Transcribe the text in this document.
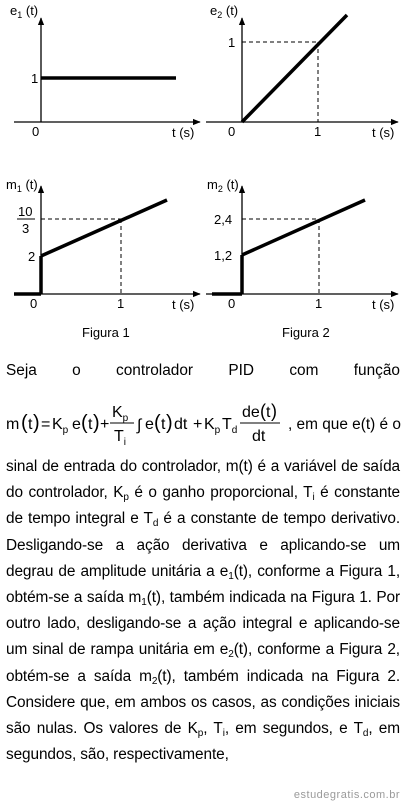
$e_1$ (t)
1
0	t (s)
$e_2$ (t)
1
0	1	t (s)
$m_1$ (t)
10
3
2
0	1	t (s)
$m_2$ (t)
2,4
1,2
0	1	t (s)
Figura 1	Figura 2
Seja o controlador PID com função
m ( t ) = $K_p$ e ( t ) +
$K_p$
$T_i$
∫ e ( t ) dt + $K_p$ $T_d$
de ( t )
dt
, em que e(t) é o
sinal de entrada do controlador, m(t) é a variável de saída do controlador, $K_p$ é o ganho proporcional, $T_i$ é constante de tempo integral e $T_d$ é a constante de tempo derivativo. Desligando-se a ação derivativa e aplicando-se um degrau de amplitude unitária a $e_1(t)$, conforme a Figura 1, obtém-se a saída $m_1(t)$, também indicada na Figura 1. Por outro lado, desligando-se a ação integral e aplicando-se um sinal de rampa unitária em $e_2(t)$, conforme a Figura 2, obtém-se a saída $m_2(t)$, também indicada na Figura 2. Considere que, em ambos os casos, as condições iniciais são nulas. Os valores de $K_p$, $T_i$, em segundos, e $T_d$, em segundos, são, respectivamente,
estudegratis.com.br
